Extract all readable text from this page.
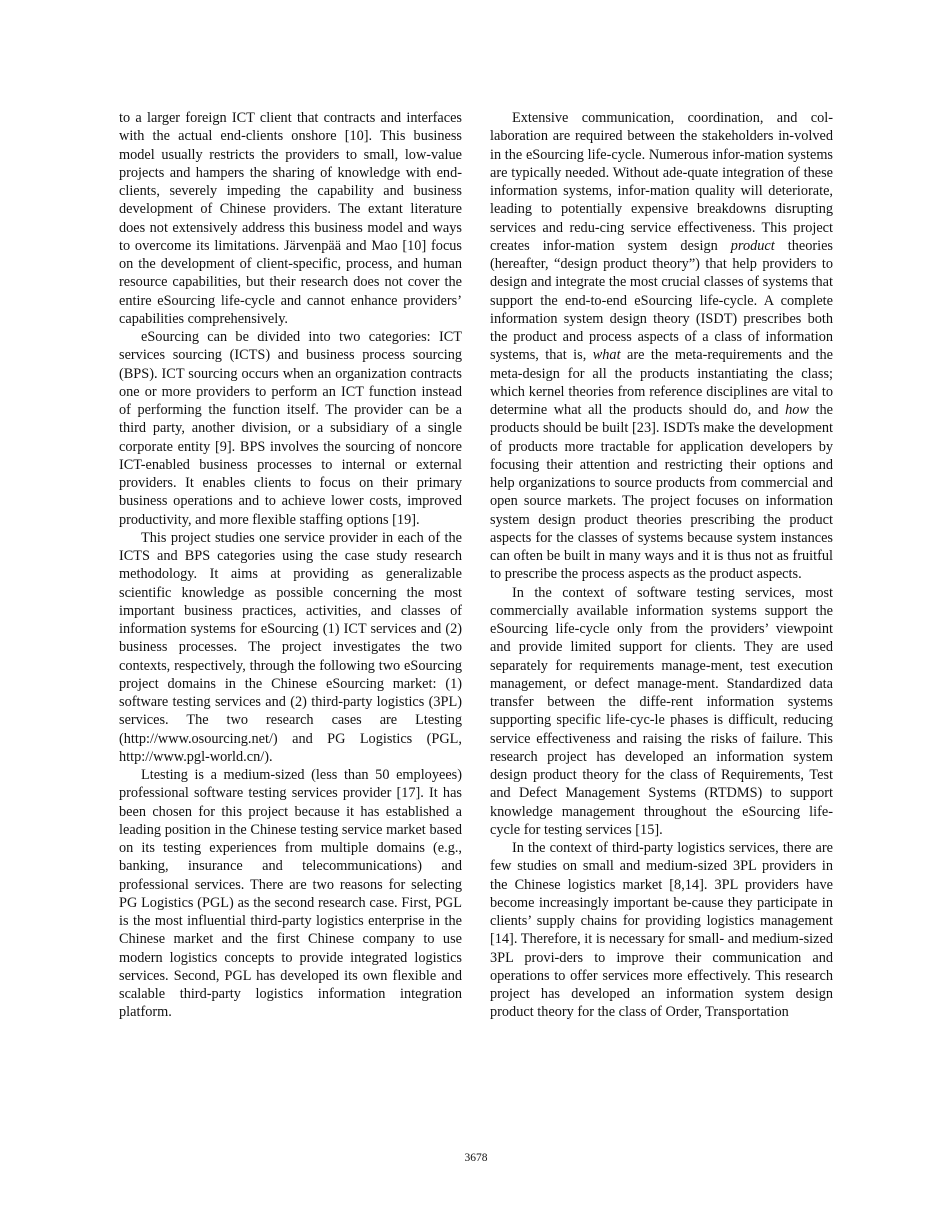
to a larger foreign ICT client that contracts and interfaces with the actual end-clients onshore [10]. This business model usually restricts the providers to small, low-value projects and hampers the sharing of knowledge with end-clients, severely impeding the capability and business development of Chinese providers. The extant literature does not extensively address this business model and ways to overcome its limitations. Järvenpää and Mao [10] focus on the development of client-specific, process, and human resource capabilities, but their research does not cover the entire eSourcing life-cycle and cannot enhance providers’ capabilities comprehensively.

eSourcing can be divided into two categories: ICT services sourcing (ICTS) and business process sourcing (BPS). ICT sourcing occurs when an organization contracts one or more providers to perform an ICT function instead of performing the function itself. The provider can be a third party, another division, or a subsidiary of a single corporate entity [9]. BPS involves the sourcing of noncore ICT-enabled business processes to internal or external providers. It enables clients to focus on their primary business operations and to achieve lower costs, improved productivity, and more flexible staffing options [19].

This project studies one service provider in each of the ICTS and BPS categories using the case study research methodology. It aims at providing as generalizable scientific knowledge as possible concerning the most important business practices, activities, and classes of information systems for eSourcing (1) ICT services and (2) business processes. The project investigates the two contexts, respectively, through the following two eSourcing project domains in the Chinese eSourcing market: (1) software testing services and (2) third-party logistics (3PL) services. The two research cases are Ltesting (http://www.osourcing.net/) and PG Logistics (PGL, http://www.pgl-world.cn/).

Ltesting is a medium-sized (less than 50 employees) professional software testing services provider [17]. It has been chosen for this project because it has established a leading position in the Chinese testing service market based on its testing experiences from multiple domains (e.g., banking, insurance and telecommunications) and professional services. There are two reasons for selecting PG Logistics (PGL) as the second research case. First, PGL is the most influential third-party logistics enterprise in the Chinese market and the first Chinese company to use modern logistics concepts to provide integrated logistics services. Second, PGL has developed its own flexible and scalable third-party logistics information integration platform.

Extensive communication, coordination, and col-laboration are required between the stakeholders in-volved in the eSourcing life-cycle. Numerous infor-mation systems are typically needed. Without ade-quate integration of these information systems, infor-mation quality will deteriorate, leading to potentially expensive breakdowns disrupting services and redu-cing service effectiveness. This project creates infor-mation system design product theories (hereafter, “design product theory”) that help providers to design and integrate the most crucial classes of systems that support the end-to-end eSourcing life-cycle. A complete information system design theory (ISDT) prescribes both the product and process aspects of a class of information systems, that is, what are the meta-requirements and the meta-design for all the products instantiating the class; which kernel theories from reference disciplines are vital to determine what all the products should do, and how the products should be built [23]. ISDTs make the development of products more tractable for application developers by focusing their attention and restricting their options and help organizations to source products from commercial and open source markets. The project focuses on information system design product theories prescribing the product aspects for the classes of systems because system instances can often be built in many ways and it is thus not as fruitful to prescribe the process aspects as the product aspects.

In the context of software testing services, most commercially available information systems support the eSourcing life-cycle only from the providers’ viewpoint and provide limited support for clients. They are used separately for requirements manage-ment, test execution management, or defect manage-ment. Standardized data transfer between the diffe-rent information systems supporting specific life-cyc-le phases is difficult, reducing service effectiveness and raising the risks of failure. This research project has developed an information system design product theory for the class of Requirements, Test and Defect Management Systems (RTDMS) to support knowledge management throughout the eSourcing life-cycle for testing services [15].

In the context of third-party logistics services, there are few studies on small and medium-sized 3PL providers in the Chinese logistics market [8,14]. 3PL providers have become increasingly important be-cause they participate in clients’ supply chains for providing logistics management [14]. Therefore, it is necessary for small- and medium-sized 3PL provi-ders to improve their communication and operations to offer services more effectively. This research project has developed an information system design product theory for the class of Order, Transportation

3678
